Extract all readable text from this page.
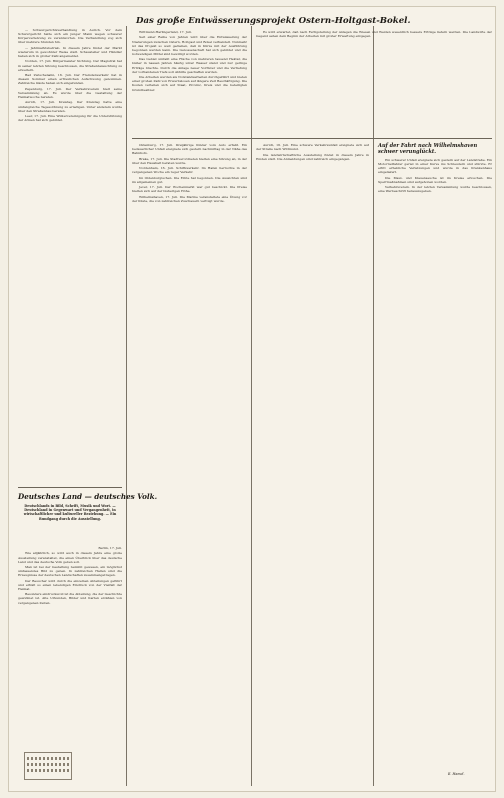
— Schwurgerichtsverhandlung in Aurich. Vor dem Schwurgericht hatte sich ein junger Mann wegen schwerer Körperverletzung zu verantworten. Die Verhandlung zog sich über mehrere Stunden hin.

— Jahrmarktsbetrieb. In diesem Jahre findet der Markt wiederum in gewohnter Weise statt. Schausteller und Händler haben sich in großer Zahl angemeldet.

Norden, 17. Juli. Bürgermeister Sichtung. Der Magistrat hat in seiner letzten Sitzung beschlossen, die Straßenbeleuchtung zu erweitern.

Bad Zwischenahn, 16. Juli. Der Fremdenverkehr hat in diesem Sommer einen erfreulichen Aufschwung genommen. Zahlreiche Gäste haben sich eingefunden.

Papenburg, 17. Juli. Der Verkehrsverein hielt seine Versammlung ab. Es wurde über die Gestaltung der Heimatwoche beraten.

Aurich, 17. Juli. Kreistag. Der Kreistag hatte eine umfangreiche Tagesordnung zu erledigen. Unter anderem wurde über den Straßenbau beraten.

Leer, 17. Juli. Eine Wintervereinigung für die Unterstützung der Armen hat sich gebildet.

Deutsches Land — deutsches Volk.
Deutschlands in Bild, Schrift, Musik und Wort. — Deutschland in Gegenwart und Vergangenheit, in wirtschaftlicher und kultureller Beziehung. — Ein Rundgang durch die Ausstellung.

Berlin, 17. Juli.

Wie alljährlich, so wird auch in diesem Jahre eine große Ausstellung veranstaltet, die einen Überblick über das deutsche Land und das deutsche Volk geben soll.

Man ist bei der Gestaltung bemüht gewesen, ein möglichst umfassendes Bild zu geben. In zahlreichen Hallen sind die Erzeugnisse der deutschen Landschaften zusammengetragen.

Der Besucher wird durch die einzelnen Abteilungen geführt und erhält so einen lebendigen Eindruck von der Vielfalt der Heimat.

Besonders eindrucksvoll ist die Abteilung, die der Geschichte gewidmet ist. Alte Urkunden, Bilder und Karten erzählen von vergangenen Zeiten.

Das große Entwässerungsprojekt Ostern-Holtgast-Bokel.

Wittmund-Harlingerland, 17. Juli.

Seit einer Reihe von Jahren wird über die Entwässerung der Niederungen zwischen Ostern, Holtgast und Bokel verhandelt. Nunmehr ist das Projekt so weit gediehen, daß in Kürze mit der Ausführung begonnen werden kann. Die Genossenschaft hat sich gebildet und die notwendigen Mittel sind bewilligt worden.

Das Gebiet umfaßt eine Fläche von mehreren tausend Hektar, die bisher in nassen Jahren häufig unter Wasser stand und nur geringe Erträge brachte. Durch die Anlage neuer Vorfluter und die Vertiefung der vorhandenen Tiefs soll Abhilfe geschaffen werden.

Die Arbeiten werden als Notstandsarbeiten durchgeführt und bieten einer großen Zahl von Erwerbslosen auf längere Zeit Beschäftigung. Die Kosten verteilen sich auf Staat, Provinz, Kreis und die beteiligten Grundbesitzer.

Es wird erwartet, daß nach Fertigstellung der Anlagen die Wiesen und Weiden wesentlich bessere Erträge liefern werden. Die Landwirte der Gegend sehen dem Beginn der Arbeiten mit großer Erwartung entgegen.

Oldenburg, 17. Juli. Dreijährige Kinder vom Auto erfaßt. Ein bedauerlicher Unfall ereignete sich gestern nachmittag in der Nähe des Bahnhofs.

Brake, 17. Juli. Die Stadtverordneten hielten eine Sitzung ab, in der über den Haushalt beraten wurde.

Nordenham, 16. Juli. Schiffsverkehr. Im Hafen herrschte in der vergangenen Woche ein reger Verkehr.

Im Oldenburgischen. Die Ernte hat begonnen. Die Aussichten sind im allgemeinen gut.

Jever, 17. Juli. Der Wochenmarkt war gut beschickt. Die Preise hielten sich auf der bisherigen Höhe.

Wilhelmshaven, 17. Juli. Die Marine veranstaltete eine Übung vor der Küste, die von zahlreichen Zuschauern verfolgt wurde.

Aurich, 16. Juli. Eine schwere Verkehrsunfall ereignete sich auf der Straße nach Wittmund.

Die landwirtschaftliche Ausstellung findet in diesem Jahre in Emden statt. Die Anmeldungen sind zahlreich eingegangen.

Auf der Fahrt nach Wilhelmshaven schwer verunglückt.

Ein schwerer Unfall ereignete sich gestern auf der Landstraße. Ein Motorradfahrer geriet in einer Kurve ins Schleudern und stürzte. Er erlitt erhebliche Verletzungen und wurde in das Krankenhaus eingeliefert.

Die Maul- und Klauenseuche ist im Kreise erloschen. Die Sperrmaßnahmen sind aufgehoben worden.

Verkehrsverein. In der letzten Versammlung wurde beschlossen, eine Werbeschrift herauszugeben.

E. Hamel.
